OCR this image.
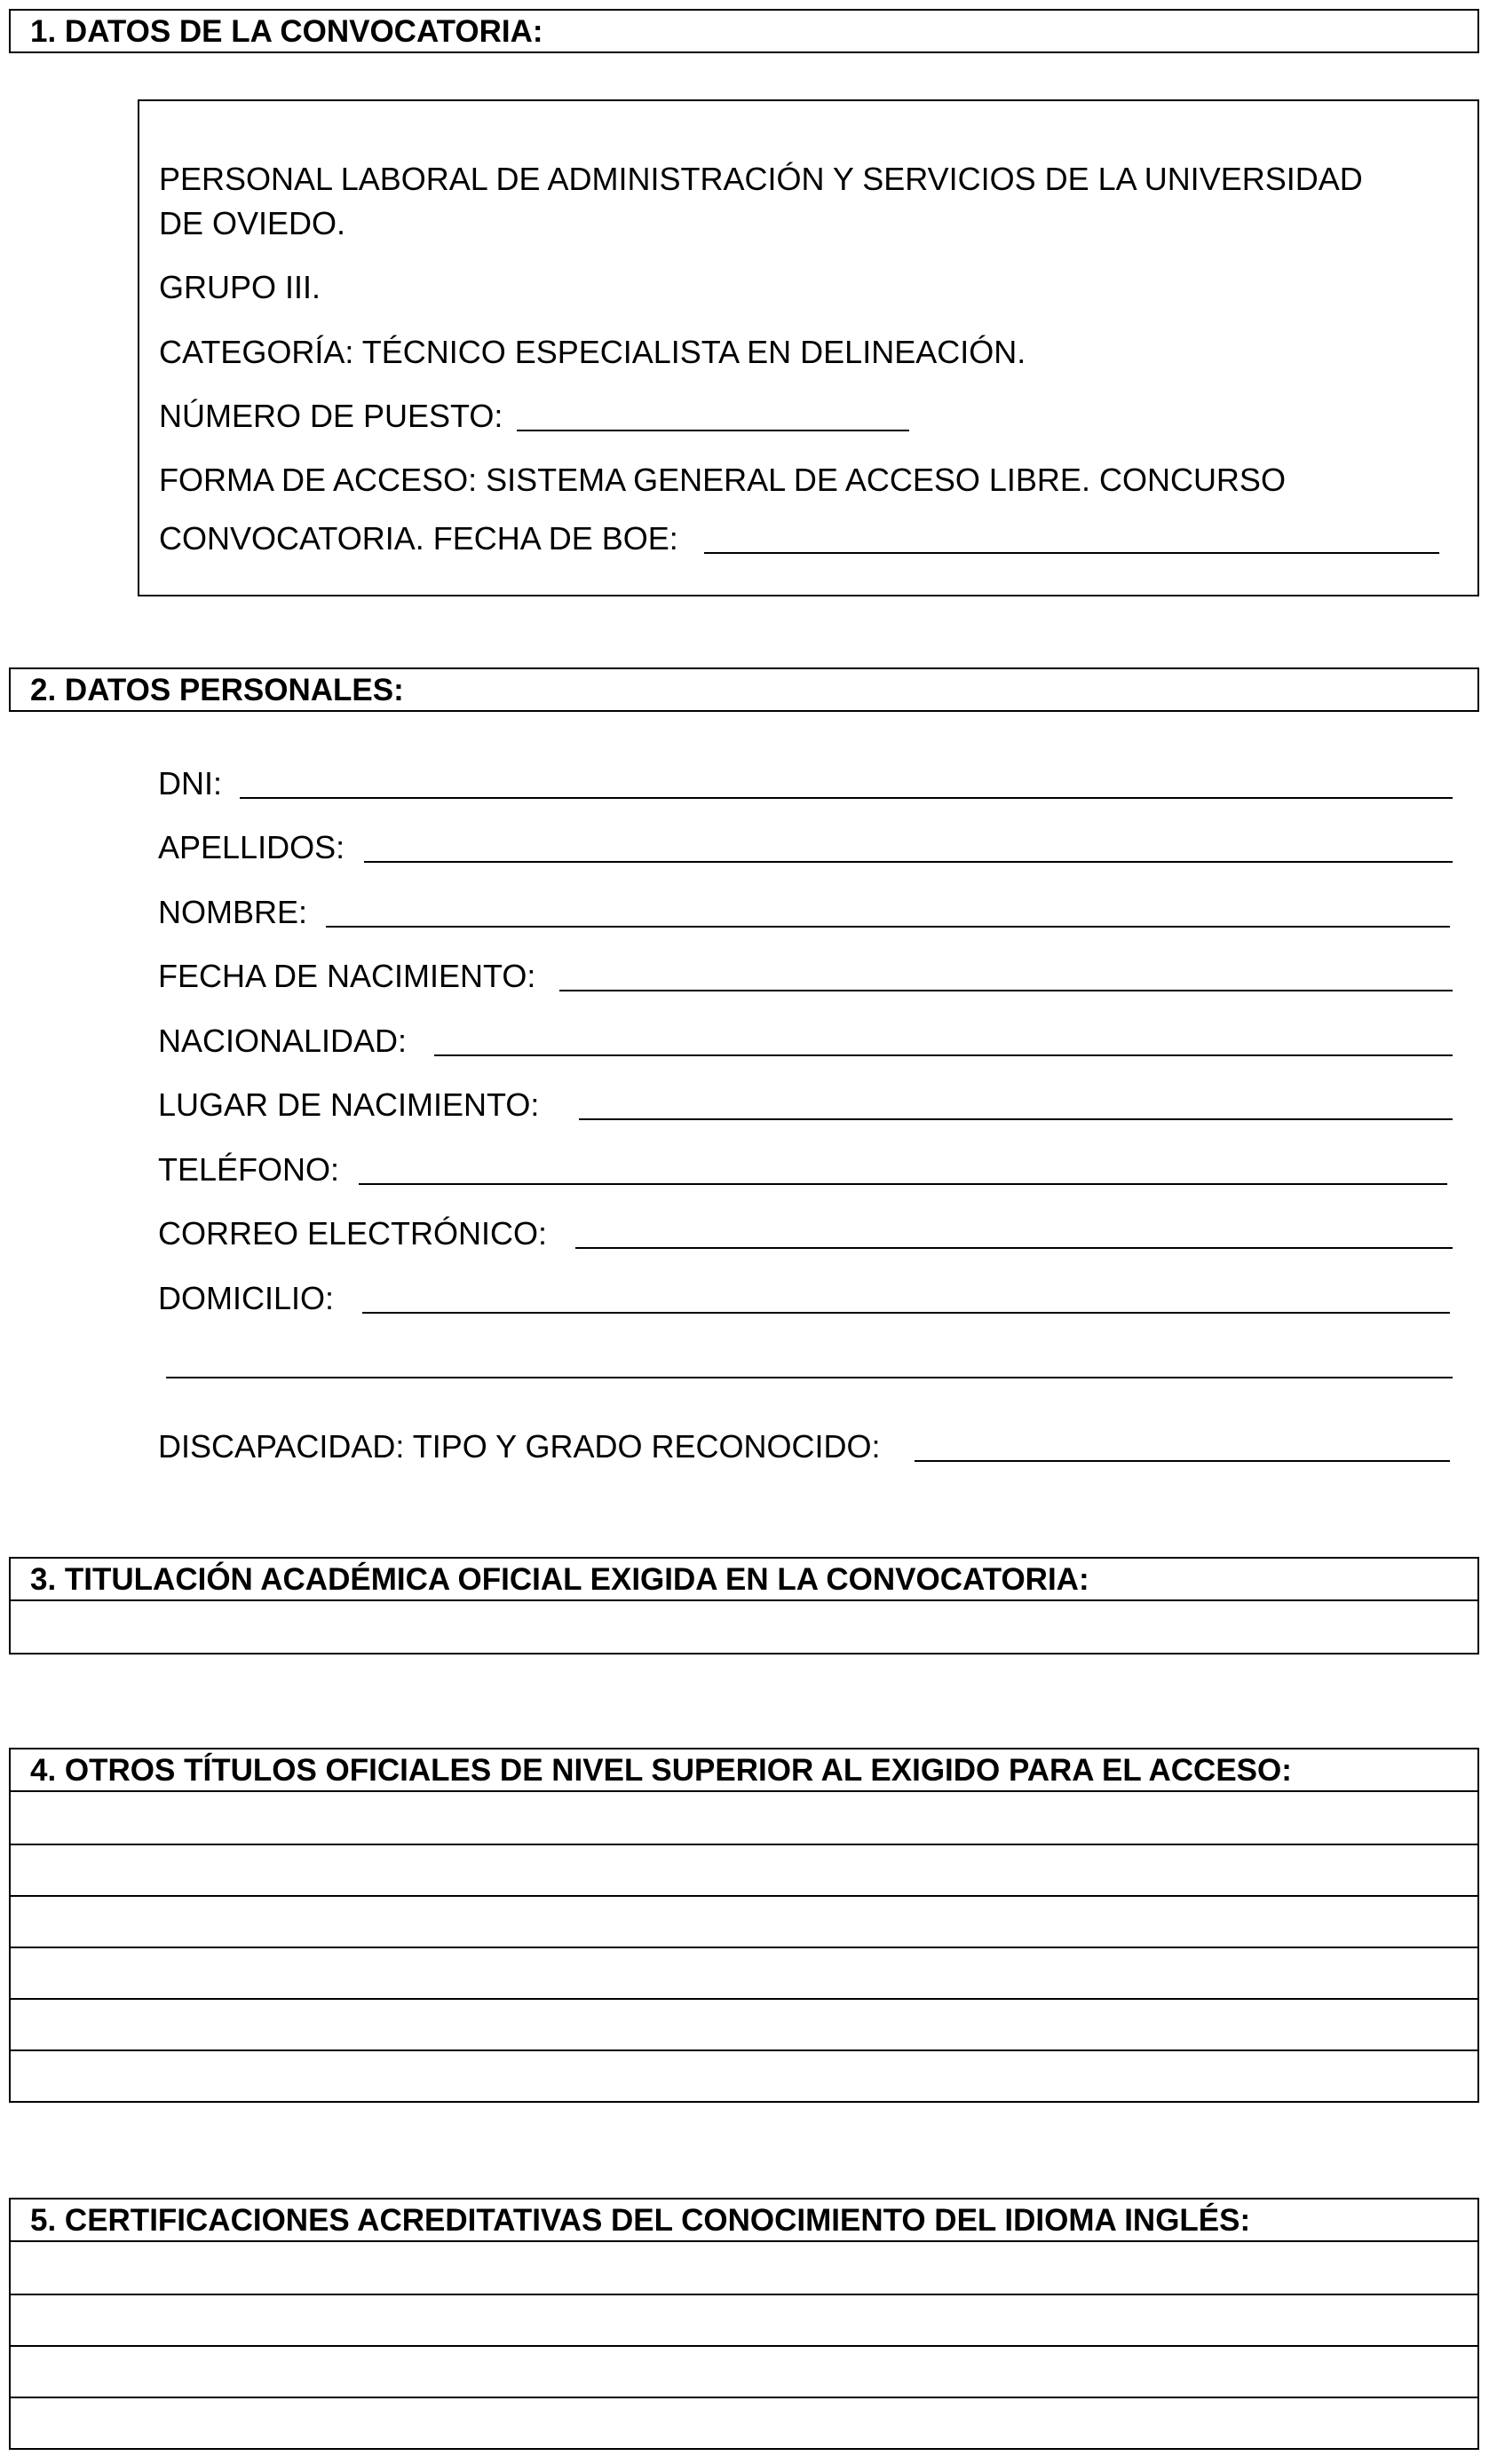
1. DATOS DE LA CONVOCATORIA:
PERSONAL LABORAL DE ADMINISTRACIÓN Y SERVICIOS DE LA UNIVERSIDAD
DE OVIEDO.
GRUPO III.
CATEGORÍA: TÉCNICO ESPECIALISTA EN DELINEACIÓN.
NÚMERO DE PUESTO:
FORMA DE ACCESO: SISTEMA GENERAL DE ACCESO LIBRE. CONCURSO
CONVOCATORIA. FECHA DE BOE:
2. DATOS PERSONALES:
DNI:
APELLIDOS:
NOMBRE:
FECHA DE NACIMIENTO:
NACIONALIDAD:
LUGAR DE NACIMIENTO:
TELÉFONO:
CORREO ELECTRÓNICO:
DOMICILIO:
DISCAPACIDAD: TIPO Y GRADO RECONOCIDO:
3. TITULACIÓN ACADÉMICA OFICIAL EXIGIDA EN LA CONVOCATORIA:
4. OTROS TÍTULOS OFICIALES DE NIVEL SUPERIOR AL EXIGIDO PARA EL ACCESO:
5. CERTIFICACIONES ACREDITATIVAS DEL CONOCIMIENTO DEL IDIOMA INGLÉS:
